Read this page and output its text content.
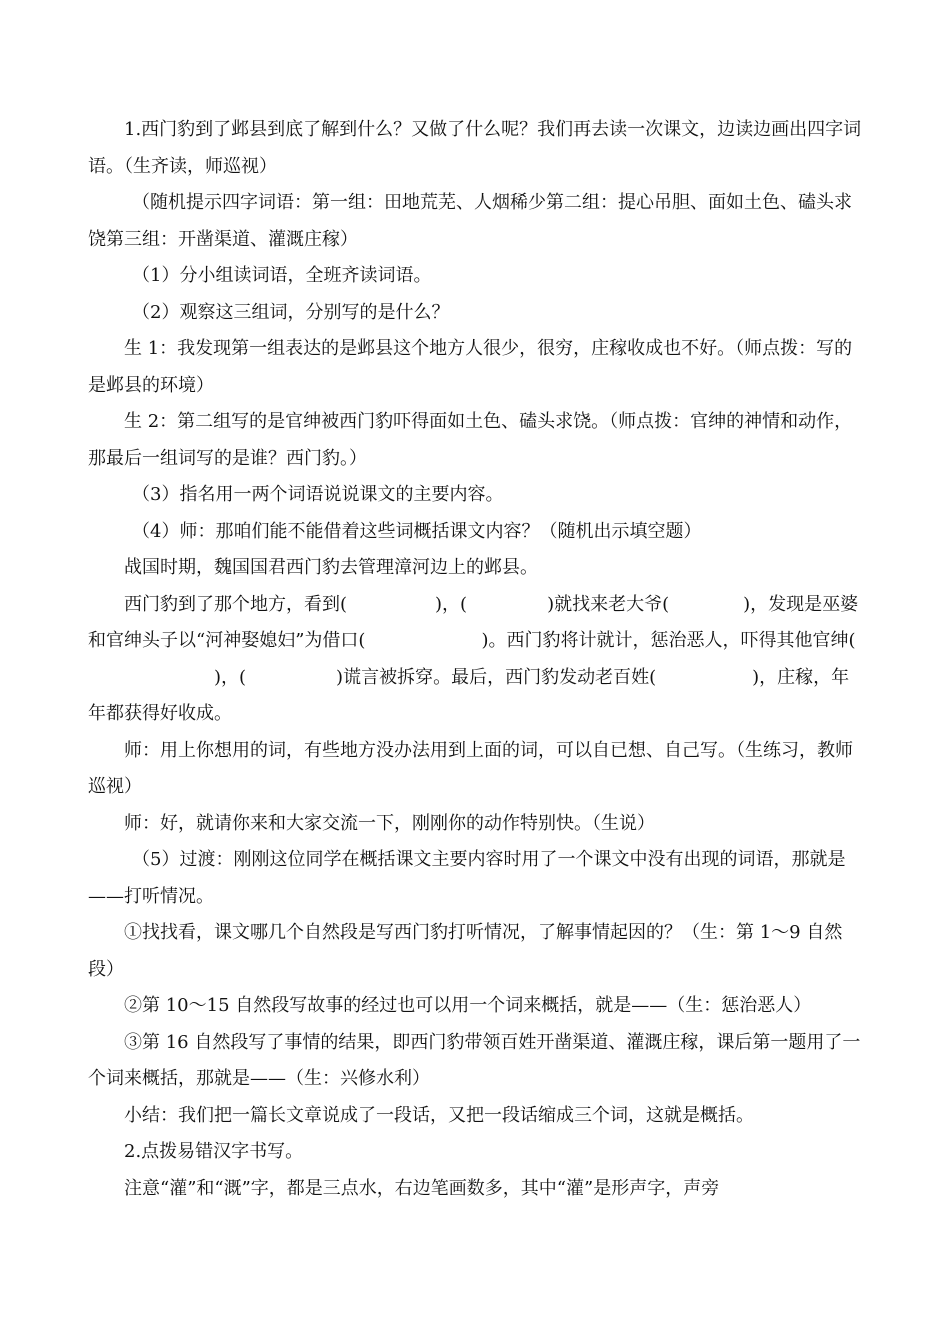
1.西门豹到了邺县到底了解到什么？又做了什么呢？我们再去读一次课文，边读边画出四字词语。（生齐读，师巡视）

（随机提示四字词语：第一组：田地荒芜、人烟稀少第二组：提心吊胆、面如土色、磕头求饶第三组：开凿渠道、灌溉庄稼）

（1）分小组读词语，全班齐读词语。

（2）观察这三组词，分别写的是什么？

生 1：我发现第一组表达的是邺县这个地方人很少，很穷，庄稼收成也不好。（师点拨：写的是邺县的环境）

生 2：第二组写的是官绅被西门豹吓得面如土色、磕头求饶。（师点拨：官绅的神情和动作，那最后一组词写的是谁？西门豹。）

（3）指名用一两个词语说说课文的主要内容。

（4）师：那咱们能不能借着这些词概括课文内容？（随机出示填空题）

战国时期，魏国国君西门豹去管理漳河边上的邺县。

西门豹到了那个地方，看到(	)，(	)就找来老大爷(	)，发现是巫婆和官绅头子以“河神娶媳妇”为借口(	)。西门豹将计就计，惩治恶人，吓得其他官绅()，(	)谎言被拆穿。最后，西门豹发动老百姓(	)，庄稼，年年都获得好收成。

师：用上你想用的词，有些地方没办法用到上面的词，可以自已想、自己写。（生练习，教师巡视）

师：好，就请你来和大家交流一下，刚刚你的动作特别快。（生说）

（5）过渡：刚刚这位同学在概括课文主要内容时用了一个课文中没有出现的词语，那就是——打听情况。

①找找看，课文哪几个自然段是写西门豹打听情况，了解事情起因的？（生：第 1～9 自然段）

②第 10～15 自然段写故事的经过也可以用一个词来概括，就是——（生：惩治恶人）

③第 16 自然段写了事情的结果，即西门豹带领百姓开凿渠道、灌溉庄稼，课后第一题用了一个词来概括，那就是——（生：兴修水利）

小结：我们把一篇长文章说成了一段话，又把一段话缩成三个词，这就是概括。

2.点拨易错汉字书写。

注意“灌”和“溉”字，都是三点水，右边笔画数多，其中“灌”是形声字，声旁
